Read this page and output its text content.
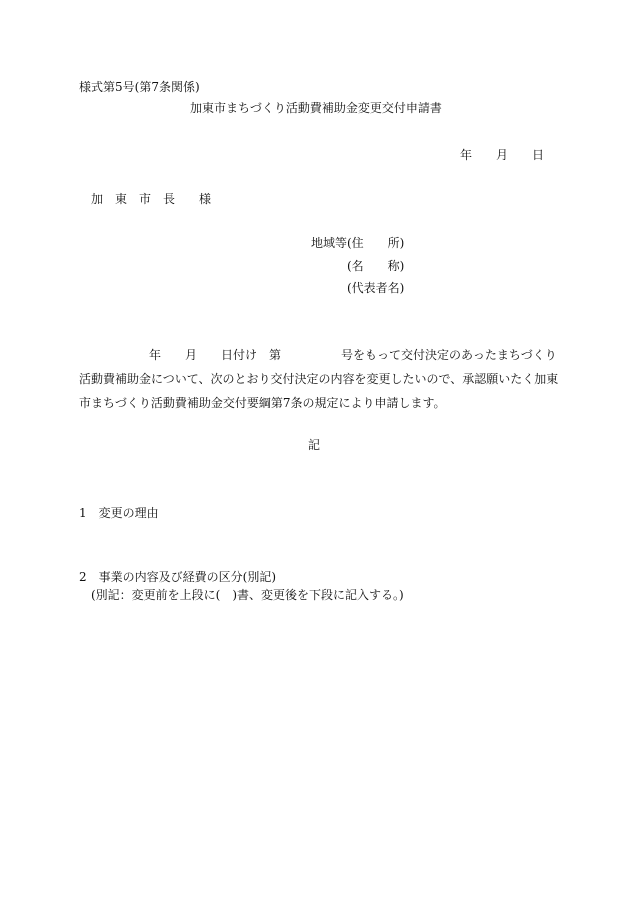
様式第5号(第7条関係)
加東市まちづくり活動費補助金変更交付申請書
年　　月　　日
加　東　市　長　　様
地域等(住　　所)
(名　　称)
(代表者名)
年　　月　　日付け　第　　　　　号をもって交付決定のあったまちづくり
活動費補助金について、次のとおり交付決定の内容を変更したいので、承認願いたく加東
市まちづくり活動費補助金交付要綱第7条の規定により申請します。
記
1　変更の理由
2　事業の内容及び経費の区分(別記)
(別記：変更前を上段に(　)書、変更後を下段に記入する。)
